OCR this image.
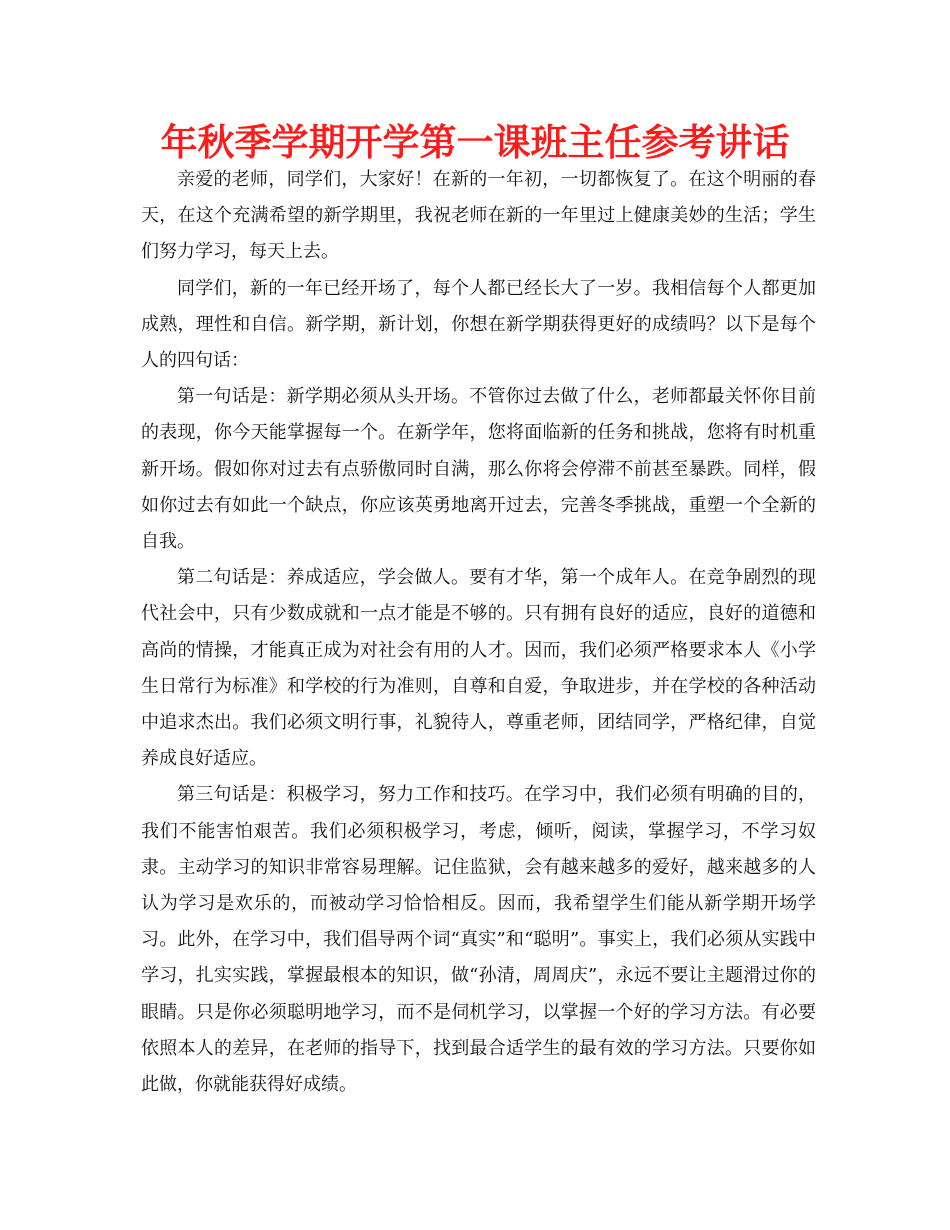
年秋季学期开学第一课班主任参考讲话

亲爱的老师，同学们，大家好！在新的一年初，一切都恢复了。在这个明丽的春天，在这个充满希望的新学期里，我祝老师在新的一年里过上健康美妙的生活；学生们努力学习，每天上去。

同学们，新的一年已经开场了，每个人都已经长大了一岁。我相信每个人都更加成熟，理性和自信。新学期，新计划，你想在新学期获得更好的成绩吗？以下是每个人的四句话：

第一句话是：新学期必须从头开场。不管你过去做了什么，老师都最关怀你目前的表现，你今天能掌握每一个。在新学年，您将面临新的任务和挑战，您将有时机重新开场。假如你对过去有点骄傲同时自满，那么你将会停滞不前甚至暴跌。同样，假如你过去有如此一个缺点，你应该英勇地离开过去，完善冬季挑战，重塑一个全新的自我。

第二句话是：养成适应，学会做人。要有才华，第一个成年人。在竞争剧烈的现代社会中，只有少数成就和一点才能是不够的。只有拥有良好的适应，良好的道德和高尚的情操，才能真正成为对社会有用的人才。因而，我们必须严格要求本人《小学生日常行为标准》和学校的行为准则，自尊和自爱，争取进步，并在学校的各种活动中追求杰出。我们必须文明行事，礼貌待人，尊重老师，团结同学，严格纪律，自觉养成良好适应。

第三句话是：积极学习，努力工作和技巧。在学习中，我们必须有明确的目的，我们不能害怕艰苦。我们必须积极学习，考虑，倾听，阅读，掌握学习，不学习奴隶。主动学习的知识非常容易理解。记住监狱，会有越来越多的爱好，越来越多的人认为学习是欢乐的，而被动学习恰恰相反。因而，我希望学生们能从新学期开场学习。此外，在学习中，我们倡导两个词“真实”和“聪明”。事实上，我们必须从实践中学习，扎实实践，掌握最根本的知识，做“孙清，周周庆”，永远不要让主题滑过你的眼睛。只是你必须聪明地学习，而不是伺机学习，以掌握一个好的学习方法。有必要依照本人的差异，在老师的指导下，找到最合适学生的最有效的学习方法。只要你如此做，你就能获得好成绩。
